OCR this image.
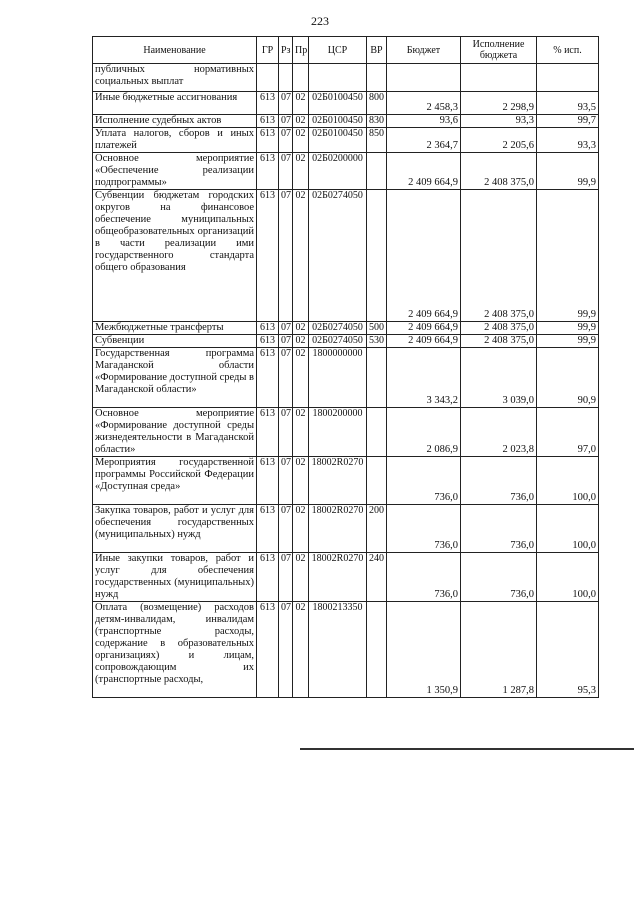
223
Наименование	ГР	Рз	Пр	ЦСР	ВР	Бюджет	Исполнение бюджета	% исп.
публичных нормативных социальных выплат								
Иные бюджетные ассигнования	613	07	02	02Б0100450	800	2 458,3	2 298,9	93,5
Исполнение судебных актов	613	07	02	02Б0100450	830	93,6	93,3	99,7
Уплата налогов, сборов и иных платежей	613	07	02	02Б0100450	850	2 364,7	2 205,6	93,3
Основное мероприятие «Обеспечение реализации подпрограммы»	613	07	02	02Б0200000		2 409 664,9	2 408 375,0	99,9
Субвенции бюджетам городских округов на финансовое обеспечение муниципальных общеобразовательных организаций в части реализации ими государственного стандарта общего образования	613	07	02	02Б0274050		2 409 664,9	2 408 375,0	99,9
Межбюджетные трансферты	613	07	02	02Б0274050	500	2 409 664,9	2 408 375,0	99,9
Субвенции	613	07	02	02Б0274050	530	2 409 664,9	2 408 375,0	99,9
Государственная программа Магаданской области «Формирование доступной среды в Магаданской области»	613	07	02	1800000000		3 343,2	3 039,0	90,9
Основное мероприятие «Формирование доступной среды жизнедеятельности в Магаданской области»	613	07	02	1800200000		2 086,9	2 023,8	97,0
Мероприятия государственной программы Российской Федерации «Доступная среда»	613	07	02	18002R0270		736,0	736,0	100,0
Закупка товаров, работ и услуг для обеспечения государственных (муниципальных) нужд	613	07	02	18002R0270	200	736,0	736,0	100,0
Иные закупки товаров, работ и услуг для обеспечения государственных (муниципальных) нужд	613	07	02	18002R0270	240	736,0	736,0	100,0
Оплата (возмещение) расходов детям-инвалидам, инвалидам (транспортные расходы, содержание в образовательных организациях) и лицам, сопровождающим их (транспортные расходы,	613	07	02	1800213350		1 350,9	1 287,8	95,3
